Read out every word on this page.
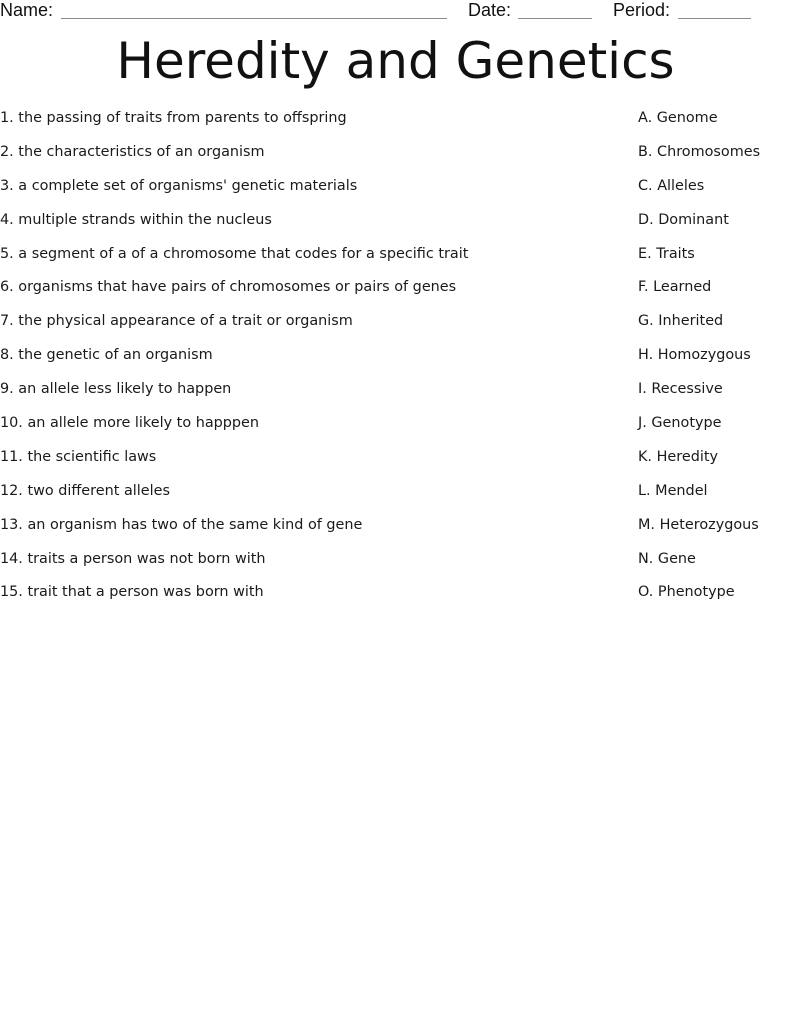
Name:	Date:	Period:
Heredity and Genetics
1. the passing of traits from parents to offspring
2. the characteristics of an organism
3. a complete set of organisms' genetic materials
4. multiple strands within the nucleus
5. a segment of a of a chromosome that codes for a specific trait
6. organisms that have pairs of chromosomes or pairs of genes
7. the physical appearance of a trait or organism
8. the genetic of an organism
9. an allele less likely to happen
10. an allele more likely to happpen
11. the scientific laws
12. two different alleles
13. an organism has two of the same kind of gene
14. traits a person was not born with
15. trait that a person was born with
A. Genome
B. Chromosomes
C. Alleles
D. Dominant
E. Traits
F. Learned
G. Inherited
H. Homozygous
I. Recessive
J. Genotype
K. Heredity
L. Mendel
M. Heterozygous
N. Gene
O. Phenotype
